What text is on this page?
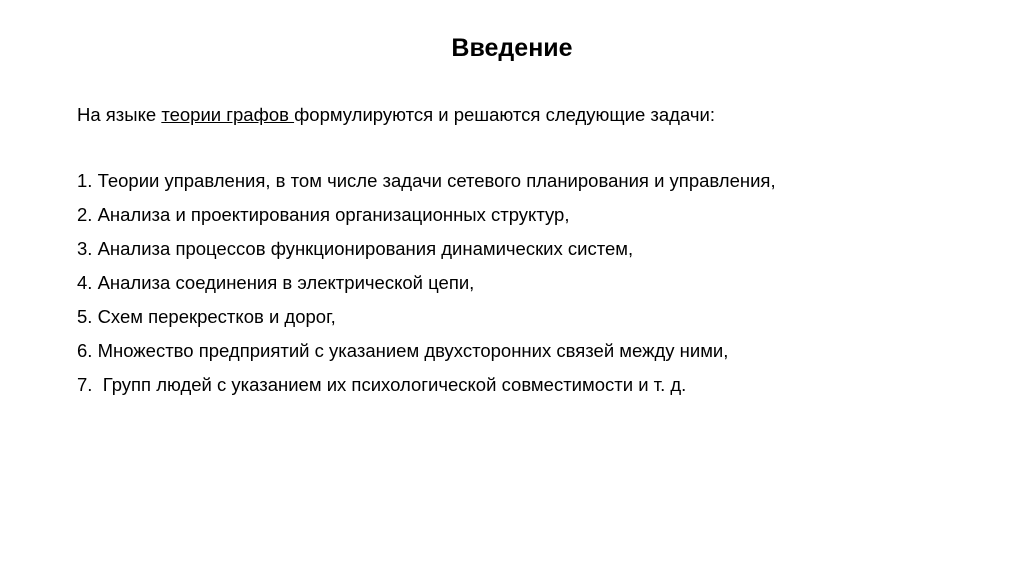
Введение
На языке теории графов формулируются и решаются следующие задачи:
1. Теории управления, в том числе задачи сетевого планирования и управления,
2. Анализа и проектирования организационных структур,
3. Анализа процессов функционирования динамических систем,
4. Анализа соединения в электрической цепи,
5. Схем перекрестков и дорог,
6. Множество предприятий с указанием двухсторонних связей между ними,
7.  Групп людей с указанием их психологической совместимости и т. д.
